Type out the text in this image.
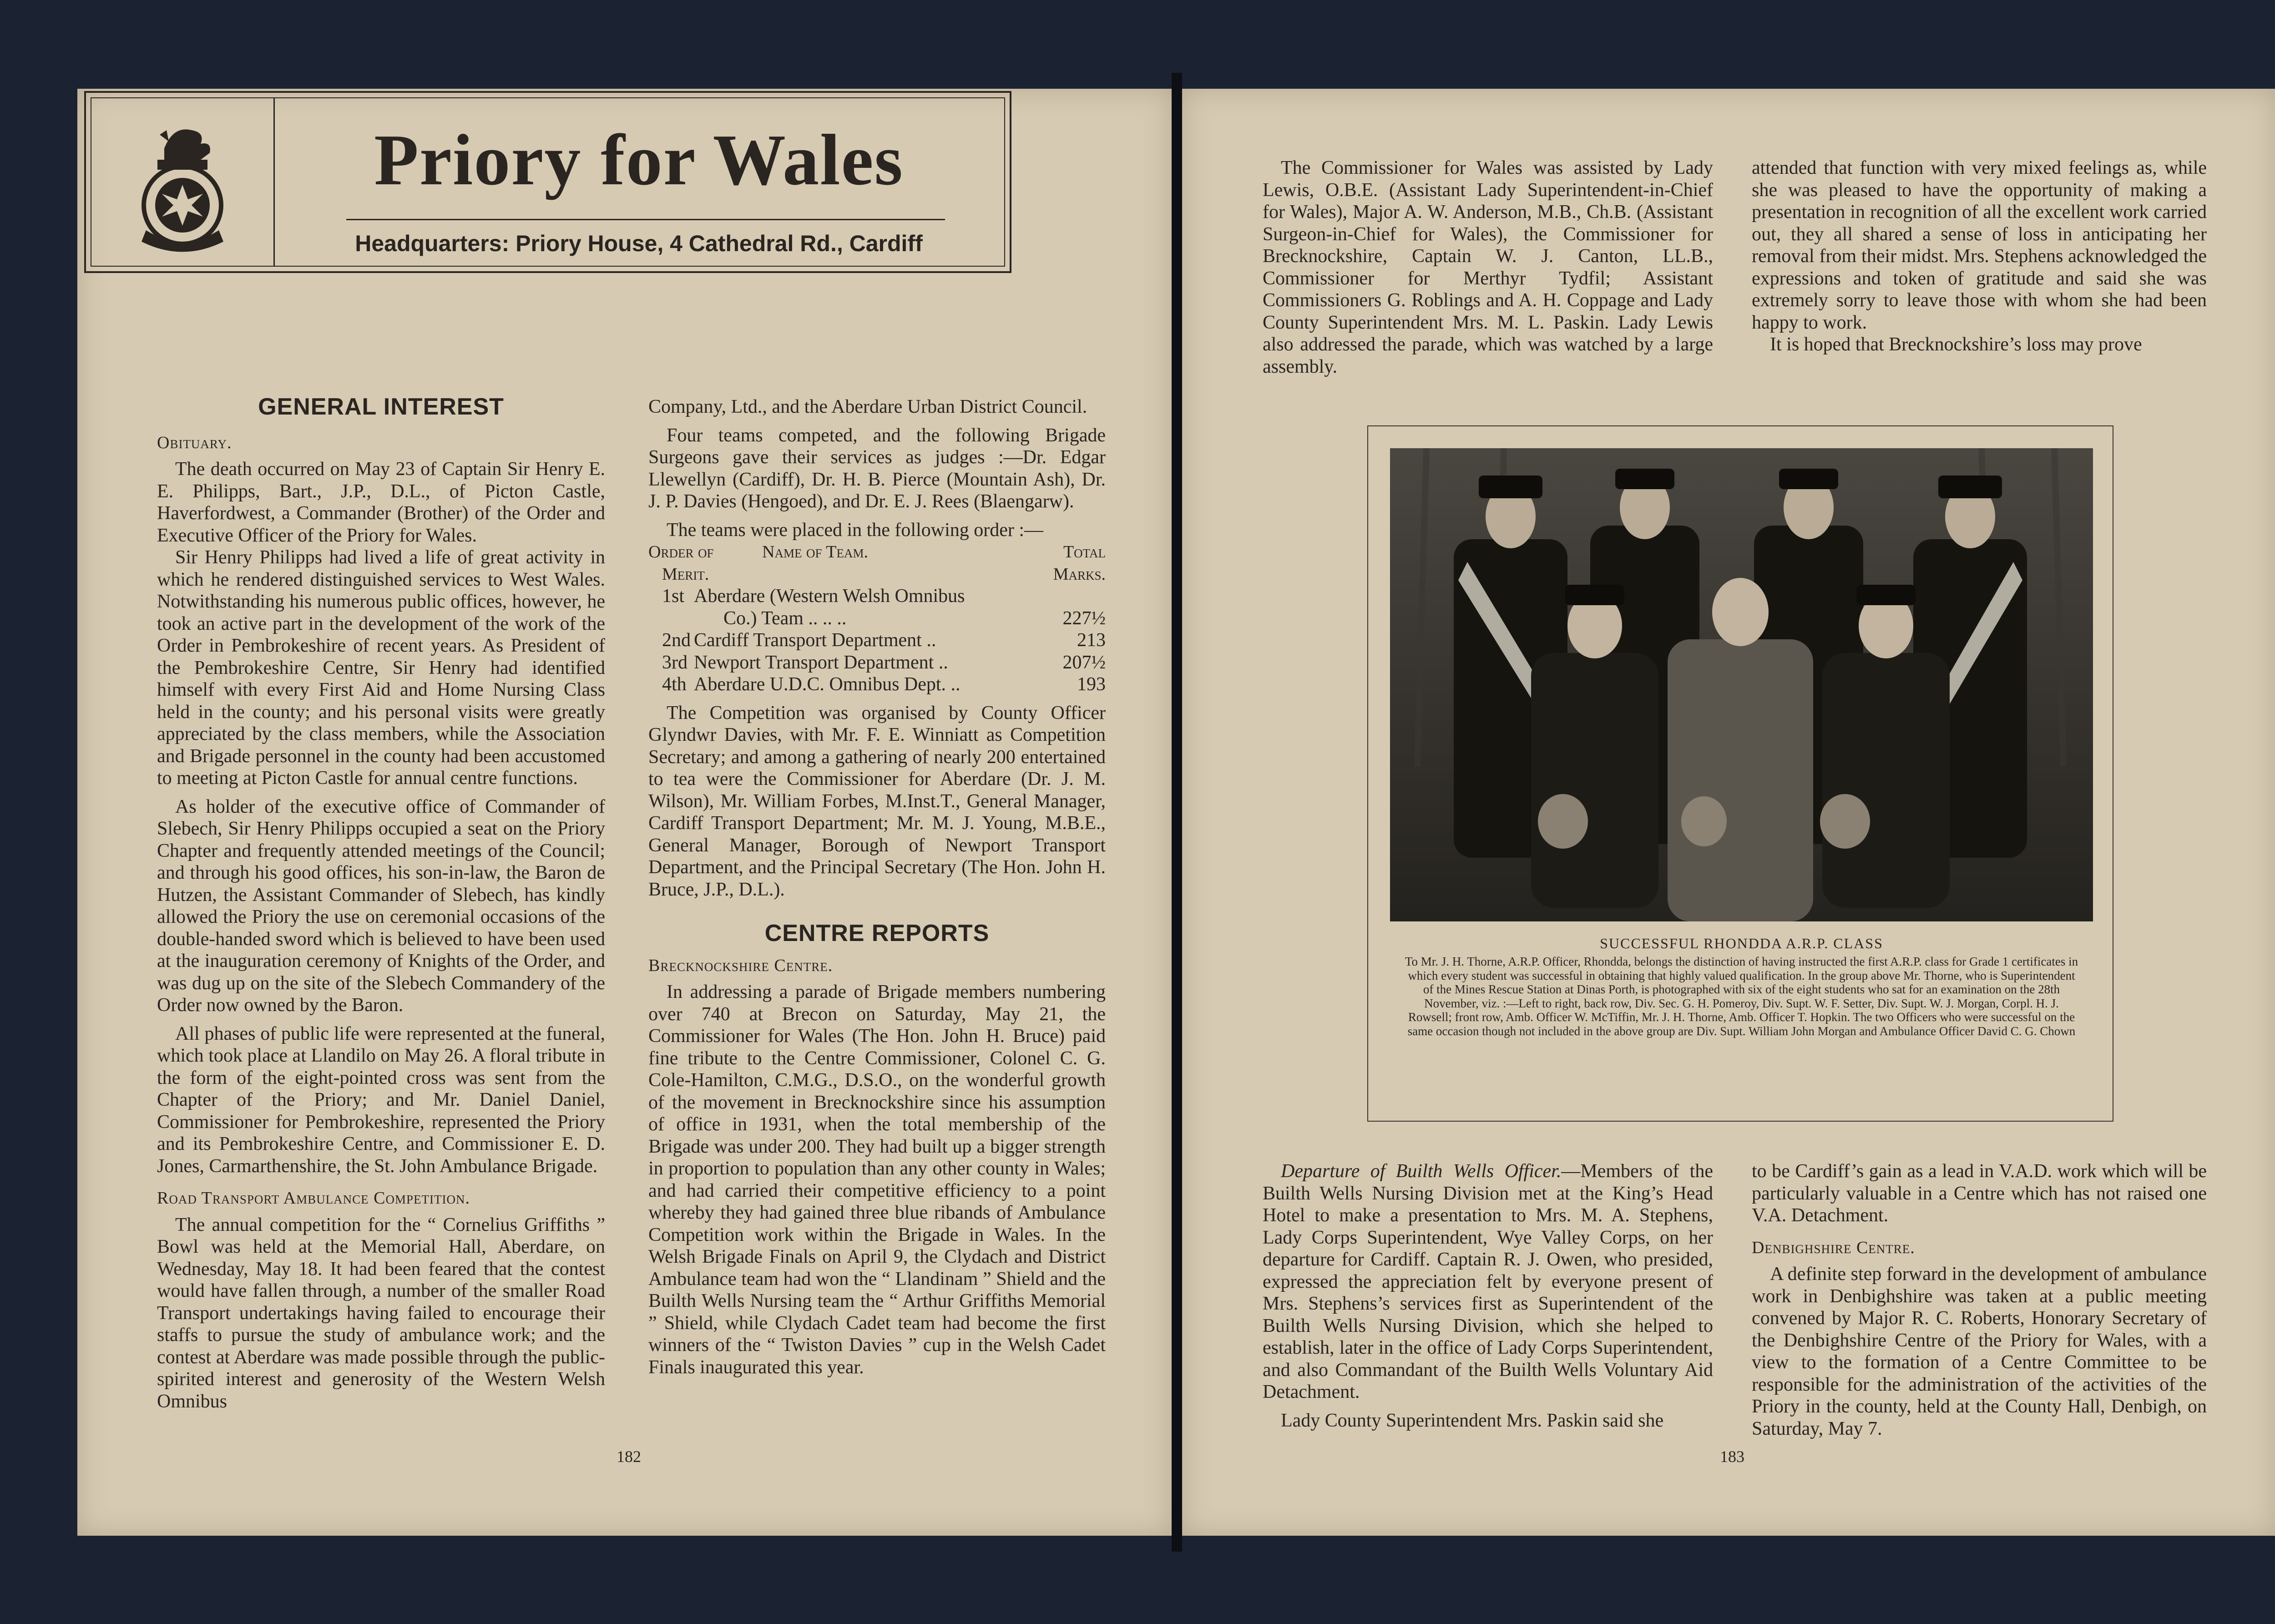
Priory for Wales
Headquarters: Priory House, 4 Cathedral Rd., Cardiff

GENERAL INTEREST

Obituary.

The death occurred on May 23 of Captain Sir Henry E. E. Philipps, Bart., J.P., D.L., of Picton Castle, Haverfordwest, a Commander (Brother) of the Order and Executive Officer of the Priory for Wales.

Sir Henry Philipps had lived a life of great activity in which he rendered distinguished services to West Wales. Notwithstanding his numerous public offices, however, he took an active part in the development of the work of the Order in Pembrokeshire of recent years. As President of the Pembrokeshire Centre, Sir Henry had identified himself with every First Aid and Home Nursing Class held in the county; and his personal visits were greatly appreciated by the class members, while the Association and Brigade personnel in the county had been accustomed to meeting at Picton Castle for annual centre functions.

As holder of the executive office of Commander of Slebech, Sir Henry Philipps occupied a seat on the Priory Chapter and frequently attended meetings of the Council; and through his good offices, his son-in-law, the Baron de Hutzen, the Assistant Commander of Slebech, has kindly allowed the Priory the use on ceremonial occasions of the double-handed sword which is believed to have been used at the inauguration ceremony of Knights of the Order, and was dug up on the site of the Slebech Commandery of the Order now owned by the Baron.

All phases of public life were represented at the funeral, which took place at Llandilo on May 26. A floral tribute in the form of the eight-pointed cross was sent from the Chapter of the Priory; and Mr. Daniel Daniel, Commissioner for Pembrokeshire, represented the Priory and its Pembrokeshire Centre, and Commissioner E. D. Jones, Carmarthenshire, the St. John Ambulance Brigade.

Road Transport Ambulance Competition.

The annual competition for the “ Cornelius Griffiths ” Bowl was held at the Memorial Hall, Aberdare, on Wednesday, May 18. It had been feared that the contest would have fallen through, a number of the smaller Road Transport undertakings having failed to encourage their staffs to pursue the study of ambulance work; and the contest at Aberdare was made possible through the public-spirited interest and generosity of the Western Welsh Omnibus

Company, Ltd., and the Aberdare Urban District Council.

Four teams competed, and the following Brigade Surgeons gave their services as judges :—Dr. Edgar Llewellyn (Cardiff), Dr. H. B. Pierce (Mountain Ash), Dr. J. P. Davies (Hengoed), and Dr. E. J. Rees (Blaengarw).

The teams were placed in the following order :—

Order of	Name of Team.	Total
Merit.	Marks.
1st Aberdare (Western Welsh Omnibus
Co.) Team .. .. ..	227½
2nd Cardiff Transport Department ..	213
3rd Newport Transport Department ..	207½
4th Aberdare U.D.C. Omnibus Dept. ..	193

The Competition was organised by County Officer Glyndwr Davies, with Mr. F. E. Winniatt as Competition Secretary; and among a gathering of nearly 200 entertained to tea were the Commissioner for Aberdare (Dr. J. M. Wilson), Mr. William Forbes, M.Inst.T., General Manager, Cardiff Transport Department; Mr. M. J. Young, M.B.E., General Manager, Borough of Newport Transport Department, and the Principal Secretary (The Hon. John H. Bruce, J.P., D.L.).

CENTRE REPORTS

Brecknockshire Centre.

In addressing a parade of Brigade members numbering over 740 at Brecon on Saturday, May 21, the Commissioner for Wales (The Hon. John H. Bruce) paid fine tribute to the Centre Commissioner, Colonel C. G. Cole-Hamilton, C.M.G., D.S.O., on the wonderful growth of the movement in Brecknockshire since his assumption of office in 1931, when the total membership of the Brigade was under 200. They had built up a bigger strength in proportion to population than any other county in Wales; and had carried their competitive efficiency to a point whereby they had gained three blue ribands of Ambulance Competition work within the Brigade in Wales. In the Welsh Brigade Finals on April 9, the Clydach and District Ambulance team had won the “ Llandinam ” Shield and the Builth Wells Nursing team the “ Arthur Griffiths Memorial ” Shield, while Clydach Cadet team had become the first winners of the “ Twiston Davies ” cup in the Welsh Cadet Finals inaugurated this year.

182

The Commissioner for Wales was assisted by Lady Lewis, O.B.E. (Assistant Lady Superintendent-in-Chief for Wales), Major A. W. Anderson, M.B., Ch.B. (Assistant Surgeon-in-Chief for Wales), the Commissioner for Brecknockshire, Captain W. J. Canton, LL.B., Commissioner for Merthyr Tydfil; Assistant Commissioners G. Roblings and A. H. Coppage and Lady County Superintendent Mrs. M. L. Paskin. Lady Lewis also addressed the parade, which was watched by a large assembly.

attended that function with very mixed feelings as, while she was pleased to have the opportunity of making a presentation in recognition of all the excellent work carried out, they all shared a sense of loss in anticipating her removal from their midst. Mrs. Stephens acknowledged the expressions and token of gratitude and said she was extremely sorry to leave those with whom she had been happy to work.

It is hoped that Brecknockshire’s loss may prove

SUCCESSFUL RHONDDA A.R.P. CLASS
To Mr. J. H. Thorne, A.R.P. Officer, Rhondda, belongs the distinction of having instructed the first A.R.P. class for Grade 1 certificates in which every student was successful in obtaining that highly valued qualification. In the group above Mr. Thorne, who is Superintendent of the Mines Rescue Station at Dinas Porth, is photographed with six of the eight students who sat for an examination on the 28th November, viz. :—Left to right, back row, Div. Sec. G. H. Pomeroy, Div. Supt. W. F. Setter, Div. Supt. W. J. Morgan, Corpl. H. J. Rowsell; front row, Amb. Officer W. McTiffin, Mr. J. H. Thorne, Amb. Officer T. Hopkin. The two Officers who were successful on the same occasion though not included in the above group are Div. Supt. William John Morgan and Ambulance Officer David C. G. Chown

Departure of Builth Wells Officer.—Members of the Builth Wells Nursing Division met at the King’s Head Hotel to make a presentation to Mrs. M. A. Stephens, Lady Corps Superintendent, Wye Valley Corps, on her departure for Cardiff. Captain R. J. Owen, who presided, expressed the appreciation felt by everyone present of Mrs. Stephens’s services first as Superintendent of the Builth Wells Nursing Division, which she helped to establish, later in the office of Lady Corps Superintendent, and also Commandant of the Builth Wells Voluntary Aid Detachment.

Lady County Superintendent Mrs. Paskin said she

to be Cardiff’s gain as a lead in V.A.D. work which will be particularly valuable in a Centre which has not raised one V.A. Detachment.

Denbighshire Centre.

A definite step forward in the development of ambulance work in Denbighshire was taken at a public meeting convened by Major R. C. Roberts, Honorary Secretary of the Denbighshire Centre of the Priory for Wales, with a view to the formation of a Centre Committee to be responsible for the administration of the activities of the Priory in the county, held at the County Hall, Denbigh, on Saturday, May 7.

183
